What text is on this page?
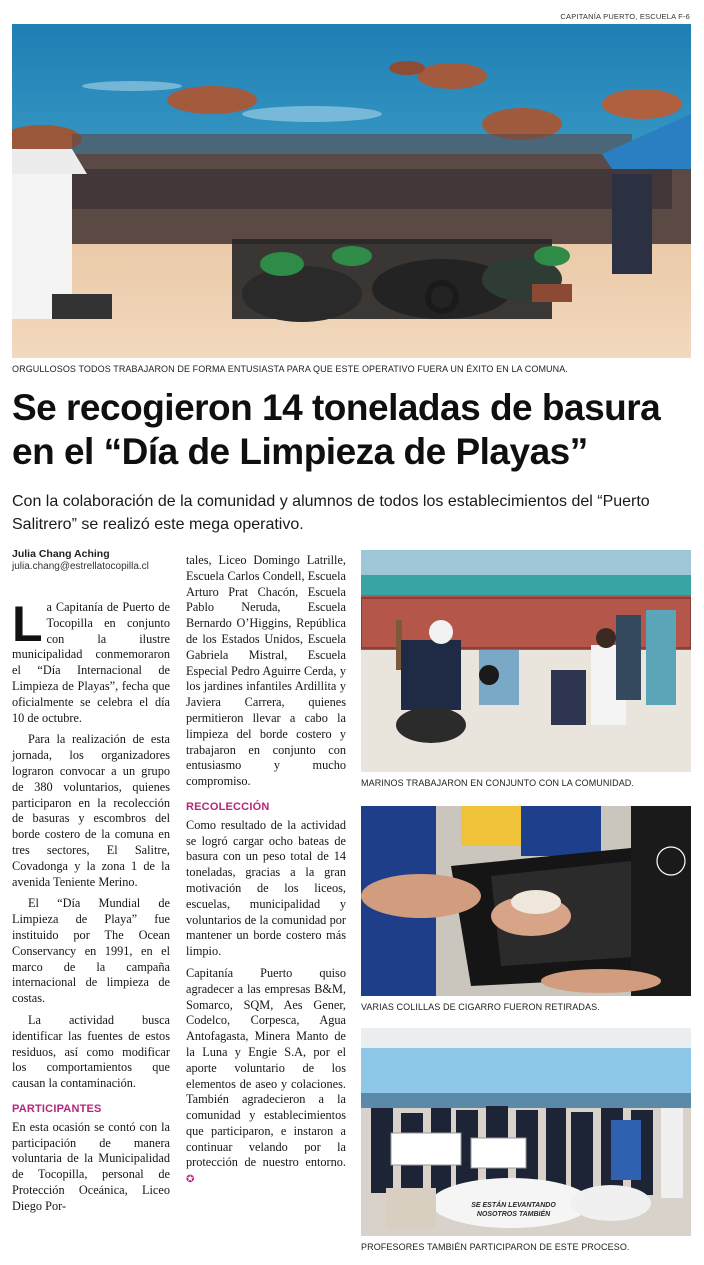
CAPITANÍA PUERTO, ESCUELA F-6
ORGULLOSOS TODOS TRABAJARON DE FORMA ENTUSIASTA PARA QUE ESTE OPERATIVO FUERA UN ÉXITO EN LA COMUNA.
Se recogieron 14 toneladas de basura
en el “Día de Limpieza de Playas”
Con la colaboración de la comunidad y alumnos de todos los establecimientos del “Puerto Salitrero” se realizó este mega operativo.
Julia Chang Aching
julia.chang@estrellatocopilla.cl

La Capitanía de Puerto de Tocopilla en conjunto con la ilustre municipalidad conmemoraron el “Día Internacional de Limpieza de Playas”, fecha que oficialmente se celebra el día 10 de octubre.

Para la realización de esta jornada, los organizadores lograron convocar a un grupo de 380 voluntarios, quienes participaron en la recolección de basuras y escombros del borde costero de la comuna en tres sectores, El Salitre, Covadonga y la zona 1 de la avenida Teniente Merino.

El “Día Mundial de Limpieza de Playa” fue instituido por The Ocean Conservancy en 1991, en el marco de la campaña internacional de limpieza de costas.

La actividad busca identificar las fuentes de estos residuos, así como modificar los comportamientos que causan la contaminación.

PARTICIPANTES

En esta ocasión se contó con la participación de manera voluntaria de la Municipalidad de Tocopilla, personal de Protección Oceánica, Liceo Diego Por-

tales, Liceo Domingo Latrille, Escuela Carlos Condell, Escuela Arturo Prat Chacón, Escuela Pablo Neruda, Escuela Bernardo O’Higgins, República de los Estados Unidos, Escuela Gabriela Mistral, Escuela Especial Pedro Aguirre Cerda, y los jardines infantiles Ardillita y Javiera Carrera, quienes permitieron llevar a cabo la limpieza del borde costero y trabajaron en conjunto con entusiasmo y mucho compromiso.

RECOLECCIÓN

Como resultado de la actividad se logró cargar ocho bateas de basura con un peso total de 14 toneladas, gracias a la gran motivación de los liceos, escuelas, municipalidad y voluntarios de la comunidad por mantener un borde costero más limpio.

Capitanía Puerto quiso agradecer a las empresas B&M, Somarco, SQM, Aes Gener, Codelco, Corpesca, Agua Antofagasta, Minera Manto de la Luna y Engie S.A, por el aporte voluntario de los elementos de aseo y colaciones. También agradecieron a la comunidad y establecimientos que participaron, e instaron a continuar velando por la protección de nuestro entorno. ✪

MARINOS TRABAJARON EN CONJUNTO CON LA COMUNIDAD.
VARIAS COLILLAS DE CIGARRO FUERON RETIRADAS.
SE ESTÁN LEVANTANDO NOSOTROS TAMBIÉN
PROFESORES TAMBIÉN PARTICIPARON DE ESTE PROCESO.
